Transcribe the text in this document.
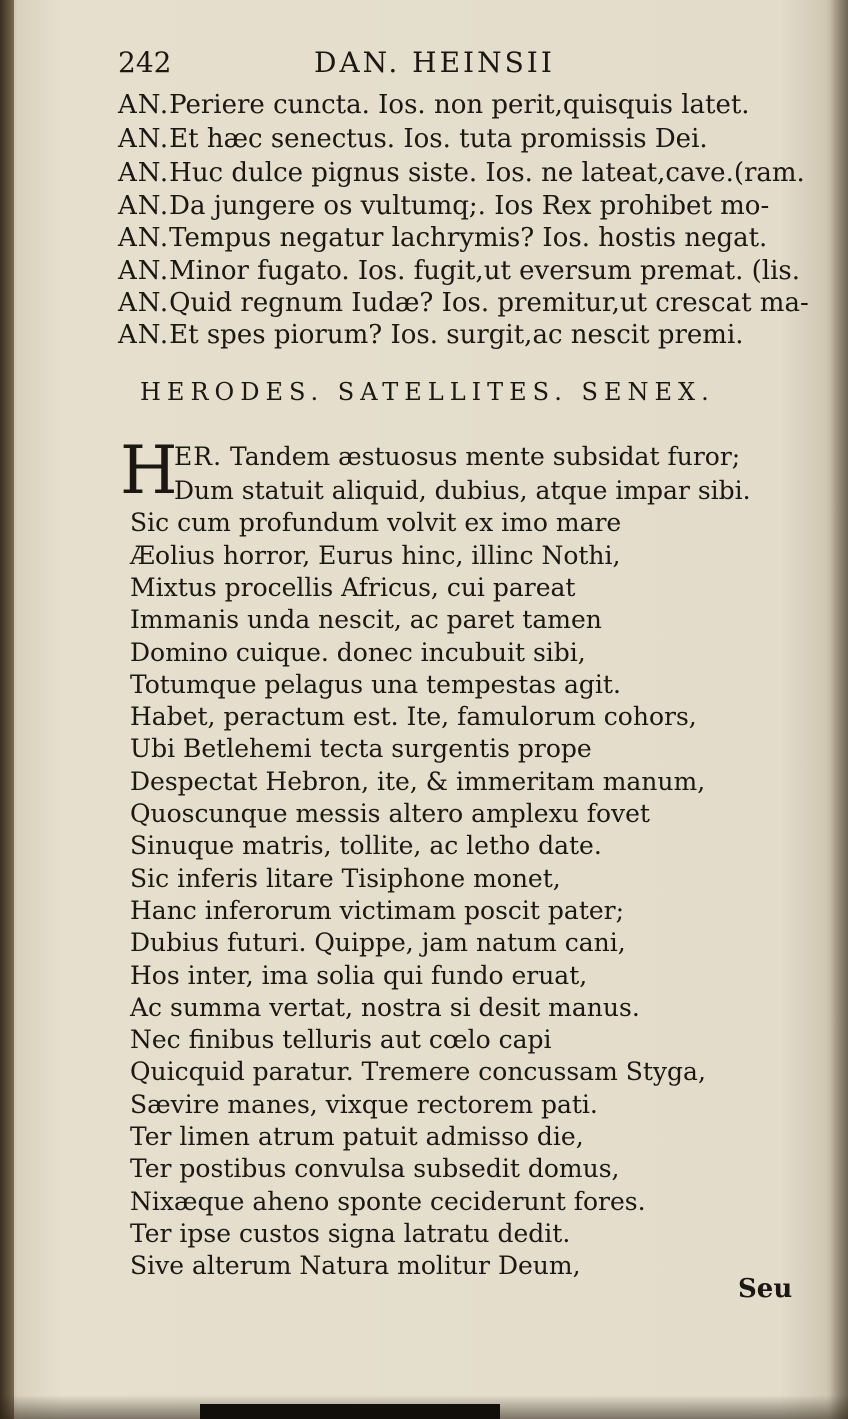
242	DAN. HEINSII
AN.Periere cuncta. Ios. non perit,quisquis latet.
AN.Et hæc senectus. Ios. tuta promissis Dei.
AN.Huc dulce pignus siste. Ios. ne lateat,cave.(ram.
AN.Da jungere os vultumq;. Ios Rex prohibet mo-
AN.Tempus negatur lachrymis? Ios. hostis negat.
AN.Minor fugato. Ios. fugit,ut eversum premat. (lis.
AN.Quid regnum Iudæ? Ios. premitur,ut crescat ma-
AN.Et spes piorum? Ios. surgit,ac nescit premi.
HERODES. SATELLITES. SENEX.
H
ER. Tandem æstuosus mente subsidat furor;
Dum statuit aliquid, dubius, atque impar sibi.
Sic cum profundum volvit ex imo mare
Æolius horror, Eurus hinc, illinc Nothi,
Mixtus procellis Africus, cui pareat
Immanis unda nescit, ac paret tamen
Domino cuique. donec incubuit sibi,
Totumque pelagus una tempestas agit.
Habet, peractum est. Ite, famulorum cohors,
Ubi Betlehemi tecta surgentis prope
Despectat Hebron, ite, & immeritam manum,
Quoscunque messis altero amplexu fovet
Sinuque matris, tollite, ac letho date.
Sic inferis litare Tisiphone monet,
Hanc inferorum victimam poscit pater;
Dubius futuri. Quippe, jam natum cani,
Hos inter, ima solia qui fundo eruat,
Ac summa vertat, nostra si desit manus.
Nec finibus telluris aut cœlo capi
Quicquid paratur. Tremere concussam Styga,
Sævire manes, vixque rectorem pati.
Ter limen atrum patuit admisso die,
Ter postibus convulsa subsedit domus,
Nixæque aheno sponte ceciderunt fores.
Ter ipse custos signa latratu dedit.
Sive alterum Natura molitur Deum,
Seu
